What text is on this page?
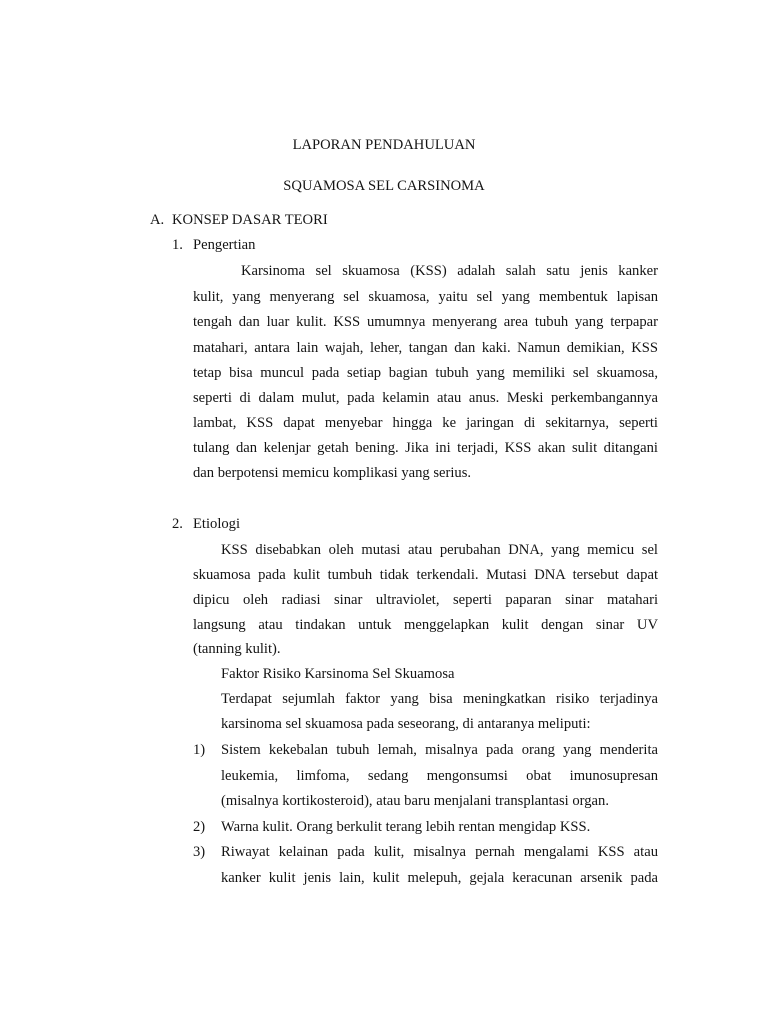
LAPORAN PENDAHULUAN
SQUAMOSA SEL CARSINOMA
A. KONSEP DASAR TEORI
1. Pengertian
Karsinoma sel skuamosa (KSS) adalah salah satu jenis kanker
kulit, yang menyerang sel skuamosa, yaitu sel yang membentuk lapisan
tengah dan luar kulit. KSS umumnya menyerang area tubuh yang terpapar
matahari, antara lain wajah, leher, tangan dan kaki. Namun demikian, KSS
tetap bisa muncul pada setiap bagian tubuh yang memiliki sel skuamosa,
seperti di dalam mulut, pada kelamin atau anus. Meski perkembangannya
lambat, KSS dapat menyebar hingga ke jaringan di sekitarnya, seperti
tulang dan kelenjar getah bening. Jika ini terjadi, KSS akan sulit ditangani
dan berpotensi memicu komplikasi yang serius.
2. Etiologi
KSS disebabkan oleh mutasi atau perubahan DNA, yang memicu sel
skuamosa pada kulit tumbuh tidak terkendali. Mutasi DNA tersebut dapat
dipicu oleh radiasi sinar ultraviolet, seperti paparan sinar matahari
langsung atau tindakan untuk menggelapkan kulit dengan sinar UV
(tanning kulit).
Faktor Risiko Karsinoma Sel Skuamosa
Terdapat sejumlah faktor yang bisa meningkatkan risiko terjadinya
karsinoma sel skuamosa pada seseorang, di antaranya meliputi:
1) Sistem kekebalan tubuh lemah, misalnya pada orang yang menderita
leukemia, limfoma, sedang mengonsumsi obat imunosupresan
(misalnya kortikosteroid), atau baru menjalani transplantasi organ.
2) Warna kulit. Orang berkulit terang lebih rentan mengidap KSS.
3) Riwayat kelainan pada kulit, misalnya pernah mengalami KSS atau
kanker kulit jenis lain, kulit melepuh, gejala keracunan arsenik pada
